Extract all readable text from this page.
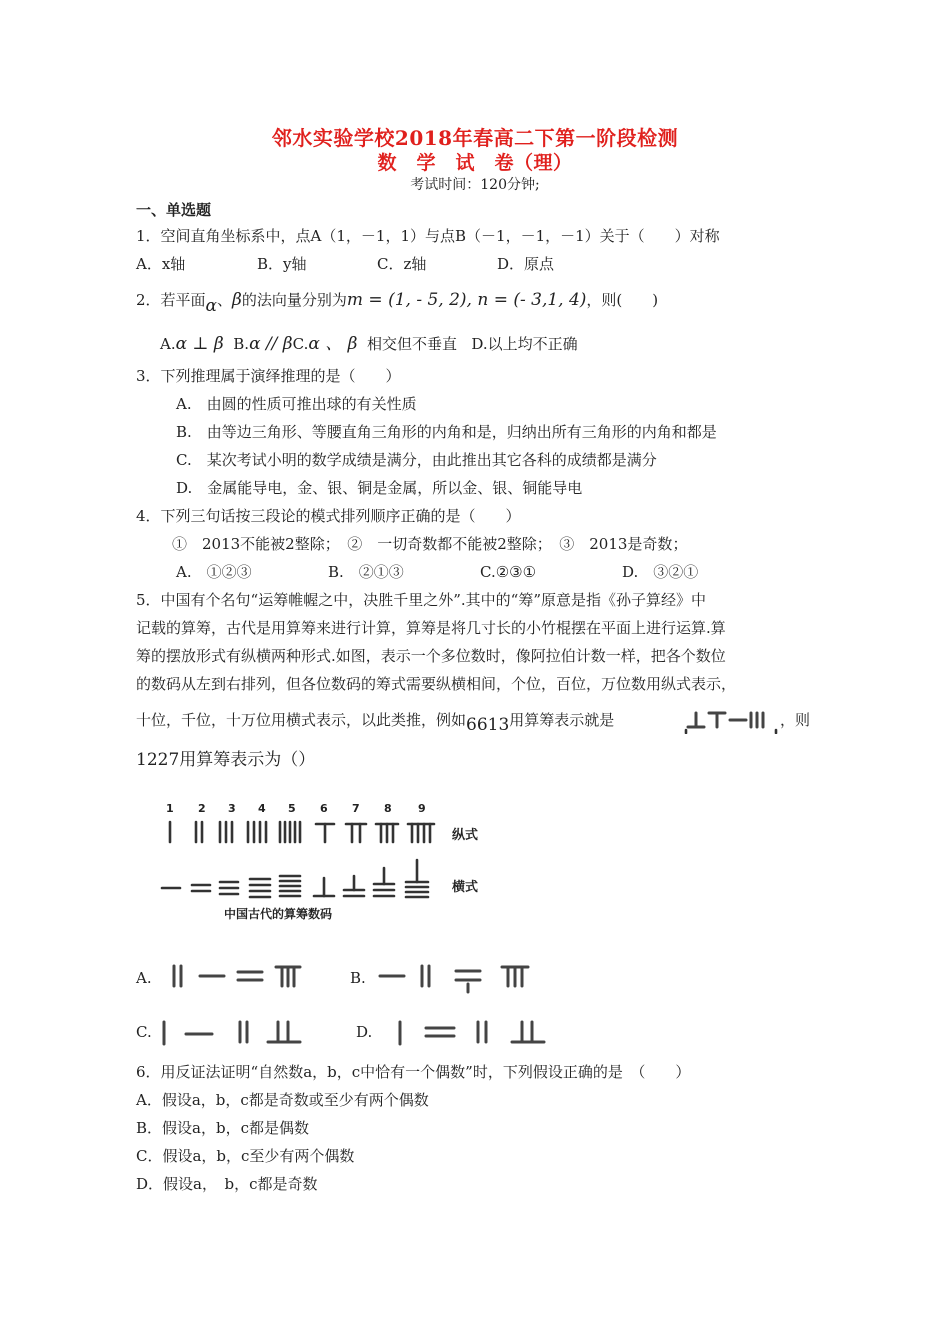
邻水实验学校2018年春高二下第一阶段检测
数　学　试　卷（理）
考试时间：120分钟;
一、单选题
1．空间直角坐标系中，点A（1，－1，1）与点B（－1，－1，－1）关于（　　）对称
A．x轴	B．y轴	C．z轴	D．原点
2．若平面α、β的法向量分别为m = (1, - 5, 2), n = (- 3,1, 4)，则(　　)
A.α ⊥ β B.α // βC.α 、 β 相交但不垂直 D.以上均不正确
3．下列推理属于演绎推理的是（　　）
A.　由圆的性质可推出球的有关性质
B.　由等边三角形、等腰直角三角形的内角和是，归纳出所有三角形的内角和都是
C.　某次考试小明的数学成绩是满分，由此推出其它各科的成绩都是满分
D.　金属能导电，金、银、铜是金属，所以金、银、铜能导电
4．下列三句话按三段论的模式排列顺序正确的是（　　）
①　2013不能被2整除；　②　一切奇数都不能被2整除；　③　2013是奇数；
A.　①②③	B.　②①③	C.②③①	D.　③②①
5．中国有个名句“运筹帷幄之中，决胜千里之外”.其中的“筹”原意是指《孙子算经》中
记载的算筹，古代是用算筹来进行计算，算筹是将几寸长的小竹棍摆在平面上进行运算.算
筹的摆放形式有纵横两种形式.如图，表示一个多位数时，像阿拉伯计数一样，把各个数位
的数码从左到右排列，但各位数码的筹式需要纵横相间，个位，百位，万位数用纵式表示，
十位，千位，十万位用横式表示，以此类推，例如6613用算筹表示就是	，则
1227用算筹表示为（）
1 2 3 4 5 6 7 8 9
纵式
横式
中国古代的算筹数码
A.	B.
C.	D.
6．用反证法证明“自然数a，b，c中恰有一个偶数”时，下列假设正确的是　（　　）
A．假设a，b，c都是奇数或至少有两个偶数
B．假设a，b，c都是偶数
C．假设a，b，c至少有两个偶数
D．假设a，　b，c都是奇数
